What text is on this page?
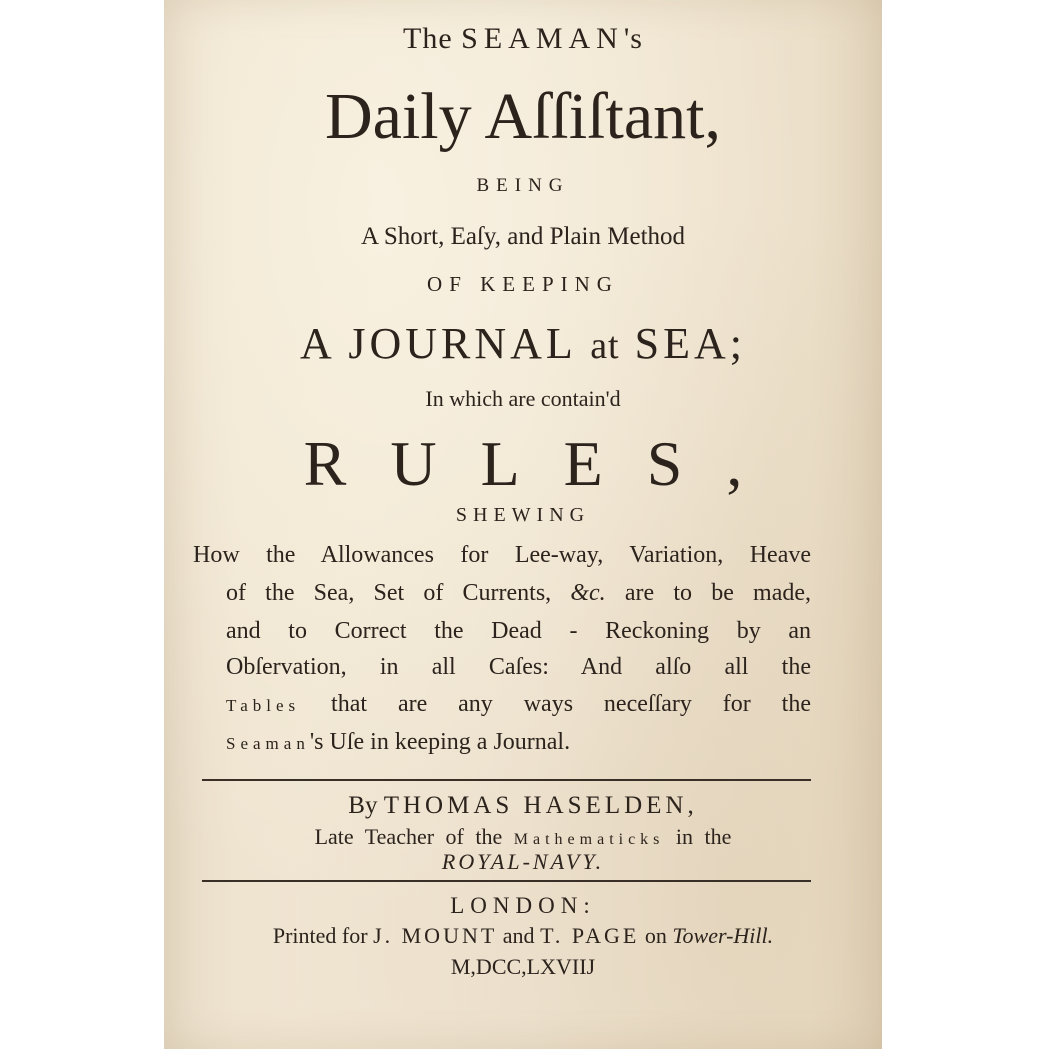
The SEAMAN's
Daily Aſſiſtant,
BEING
A Short, Eaſy, and Plain Method
OF KEEPING
A JOURNAL at SEA;
In which are contain'd
RULES,
SHEWING
How the Allowances for Lee-way, Variation, Heave
of the Sea, Set of Currents, &c. are to be made,
and to Correct the Dead - Reckoning by an
Obſervation, in all Caſes: And alſo all the
Tables that are any ways neceſſary for the
Seaman's Uſe in keeping a Journal.
By THOMAS HASELDEN,
Late Teacher of the Mathematicks in the
ROYAL-NAVY.
LONDON:
Printed for J. MOUNT and T. PAGE on Tower-Hill.
M,DCC,LXVIIJ
